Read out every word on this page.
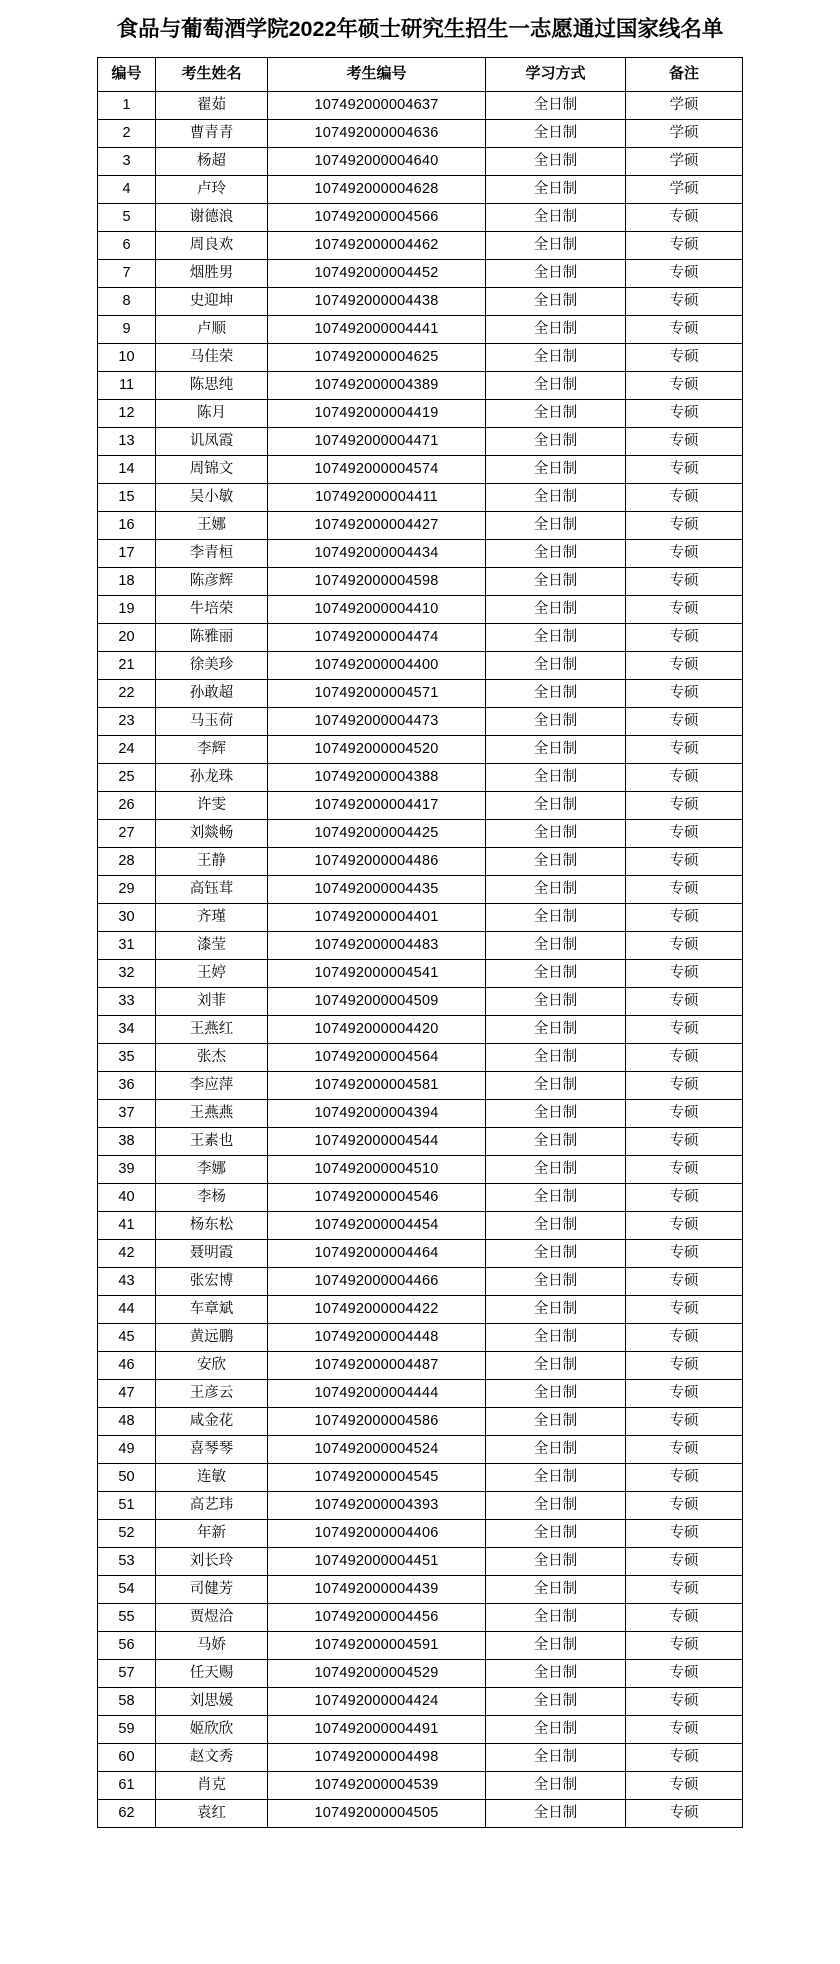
食品与葡萄酒学院2022年硕士研究生招生一志愿通过国家线名单
编号	考生姓名	考生编号	学习方式	备注
1	翟茹	107492000004637	全日制	学硕
2	曹青青	107492000004636	全日制	学硕
3	杨超	107492000004640	全日制	学硕
4	卢玲	107492000004628	全日制	学硕
5	谢德浪	107492000004566	全日制	专硕
6	周良欢	107492000004462	全日制	专硕
7	烟胜男	107492000004452	全日制	专硕
8	史迎坤	107492000004438	全日制	专硕
9	卢顺	107492000004441	全日制	专硕
10	马佳荣	107492000004625	全日制	专硕
11	陈思纯	107492000004389	全日制	专硕
12	陈月	107492000004419	全日制	专硕
13	讥凤霞	107492000004471	全日制	专硕
14	周锦文	107492000004574	全日制	专硕
15	吴小敏	107492000004411	全日制	专硕
16	王娜	107492000004427	全日制	专硕
17	李青桓	107492000004434	全日制	专硕
18	陈彦辉	107492000004598	全日制	专硕
19	牛培荣	107492000004410	全日制	专硕
20	陈雅丽	107492000004474	全日制	专硕
21	徐美珍	107492000004400	全日制	专硕
22	孙敢超	107492000004571	全日制	专硕
23	马玉荷	107492000004473	全日制	专硕
24	李辉	107492000004520	全日制	专硕
25	孙龙珠	107492000004388	全日制	专硕
26	许雯	107492000004417	全日制	专硕
27	刘燚畅	107492000004425	全日制	专硕
28	王静	107492000004486	全日制	专硕
29	高钰茸	107492000004435	全日制	专硕
30	齐瑾	107492000004401	全日制	专硕
31	漆莹	107492000004483	全日制	专硕
32	王婷	107492000004541	全日制	专硕
33	刘菲	107492000004509	全日制	专硕
34	王燕红	107492000004420	全日制	专硕
35	张杰	107492000004564	全日制	专硕
36	李应萍	107492000004581	全日制	专硕
37	王燕燕	107492000004394	全日制	专硕
38	王素也	107492000004544	全日制	专硕
39	李娜	107492000004510	全日制	专硕
40	李杨	107492000004546	全日制	专硕
41	杨东松	107492000004454	全日制	专硕
42	聂明霞	107492000004464	全日制	专硕
43	张宏博	107492000004466	全日制	专硕
44	车章斌	107492000004422	全日制	专硕
45	黄远鹏	107492000004448	全日制	专硕
46	安欣	107492000004487	全日制	专硕
47	王彦云	107492000004444	全日制	专硕
48	咸金花	107492000004586	全日制	专硕
49	喜琴琴	107492000004524	全日制	专硕
50	连敏	107492000004545	全日制	专硕
51	高艺玮	107492000004393	全日制	专硕
52	年新	107492000004406	全日制	专硕
53	刘长玲	107492000004451	全日制	专硕
54	司健芳	107492000004439	全日制	专硕
55	贾煜洽	107492000004456	全日制	专硕
56	马娇	107492000004591	全日制	专硕
57	任天赐	107492000004529	全日制	专硕
58	刘思媛	107492000004424	全日制	专硕
59	姬欣欣	107492000004491	全日制	专硕
60	赵文秀	107492000004498	全日制	专硕
61	肖克	107492000004539	全日制	专硕
62	袁红	107492000004505	全日制	专硕
